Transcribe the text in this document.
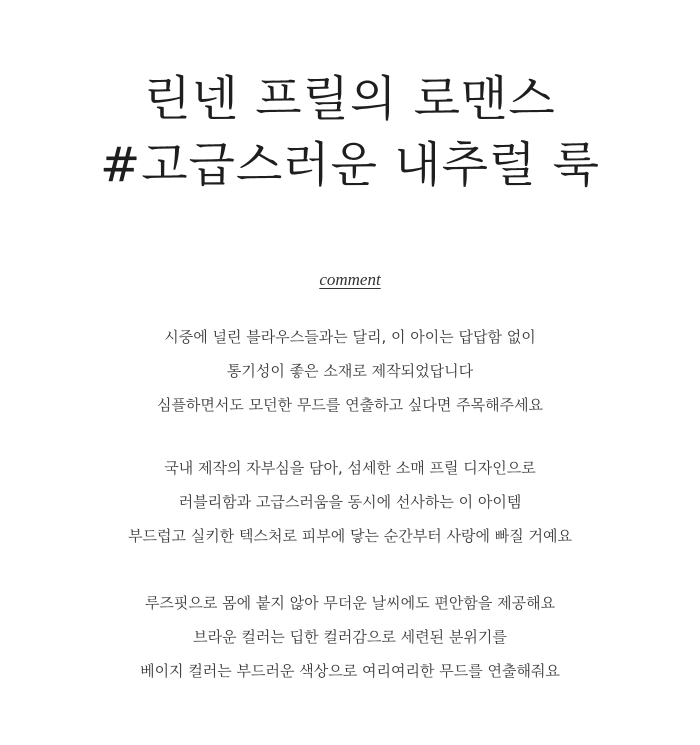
린넨 프릴의 로맨스
#고급스러운 내추럴 룩
comment

시중에 널린 블라우스들과는 달리, 이 아이는 답답함 없이

통기성이 좋은 소재로 제작되었답니다

심플하면서도 모던한 무드를 연출하고 싶다면 주목해주세요

국내 제작의 자부심을 담아, 섬세한 소매 프릴 디자인으로

러블리함과 고급스러움을 동시에 선사하는 이 아이템

부드럽고 실키한 텍스처로 피부에 닿는 순간부터 사랑에 빠질 거예요

루즈핏으로 몸에 붙지 않아 무더운 날씨에도 편안함을 제공해요

브라운 컬러는 딥한 컬러감으로 세련된 분위기를

베이지 컬러는 부드러운 색상으로 여리여리한 무드를 연출해줘요
